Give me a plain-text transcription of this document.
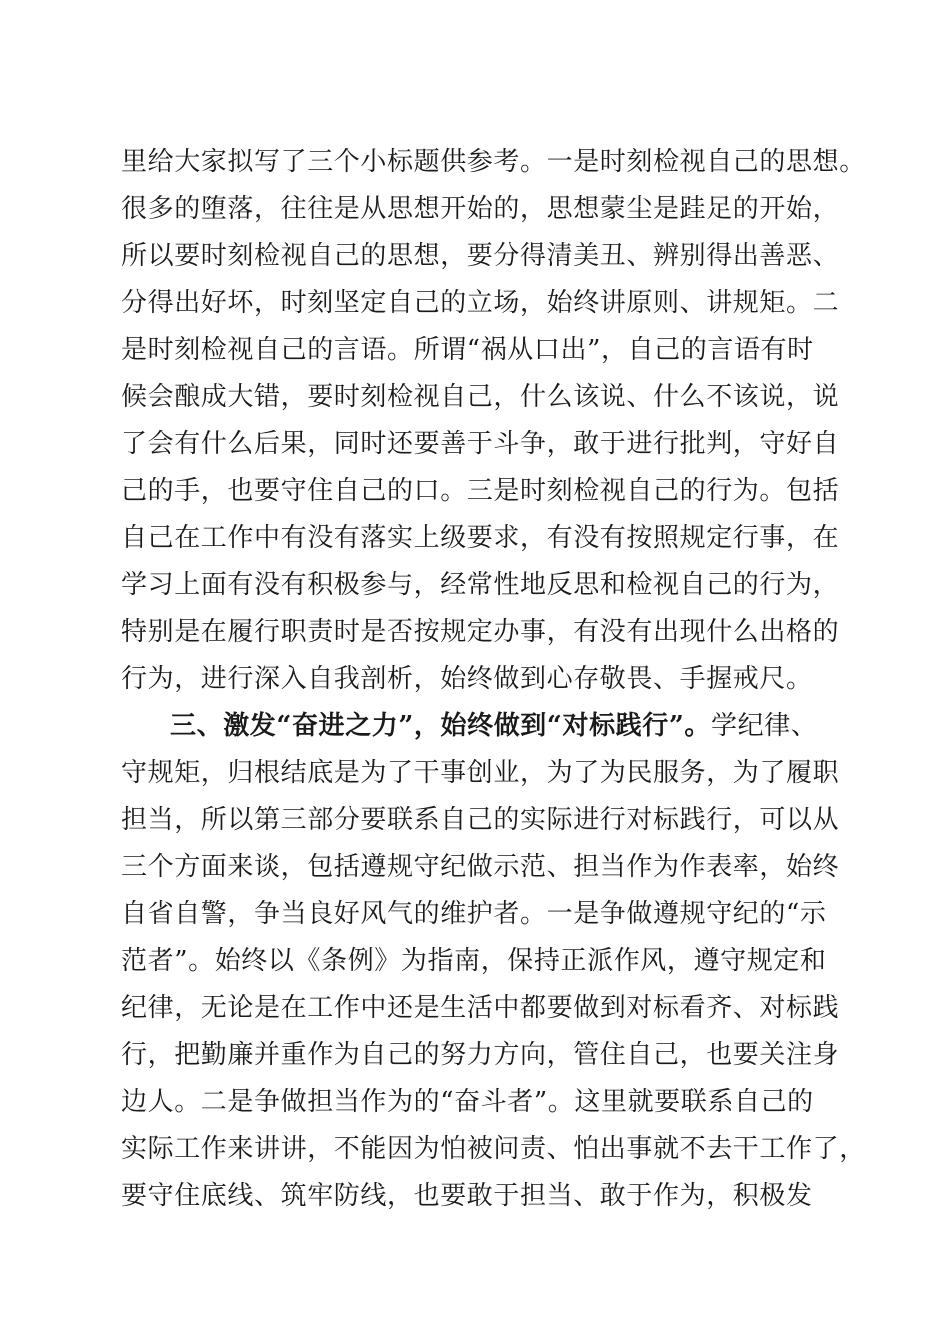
里给大家拟写了三个小标题供参考。一是时刻检视自己的思想。
很多的堕落，往往是从思想开始的，思想蒙尘是跬足的开始，
所以要时刻检视自己的思想，要分得清美丑、辨别得出善恶、
分得出好坏，时刻坚定自己的立场，始终讲原则、讲规矩。二
是时刻检视自己的言语。所谓“祸从口出”，自己的言语有时
候会酿成大错，要时刻检视自己，什么该说、什么不该说，说
了会有什么后果，同时还要善于斗争，敢于进行批判，守好自
己的手，也要守住自己的口。三是时刻检视自己的行为。包括
自己在工作中有没有落实上级要求，有没有按照规定行事，在
学习上面有没有积极参与，经常性地反思和检视自己的行为，
特别是在履行职责时是否按规定办事，有没有出现什么出格的
行为，进行深入自我剖析，始终做到心存敬畏、手握戒尺。
三、激发“奋进之力”，始终做到“对标践行”。学纪律、
守规矩，归根结底是为了干事创业，为了为民服务，为了履职
担当，所以第三部分要联系自己的实际进行对标践行，可以从
三个方面来谈，包括遵规守纪做示范、担当作为作表率，始终
自省自警，争当良好风气的维护者。一是争做遵规守纪的“示
范者”。始终以《条例》为指南，保持正派作风，遵守规定和
纪律，无论是在工作中还是生活中都要做到对标看齐、对标践
行，把勤廉并重作为自己的努力方向，管住自己，也要关注身
边人。二是争做担当作为的“奋斗者”。这里就要联系自己的
实际工作来讲讲，不能因为怕被问责、怕出事就不去干工作了，
要守住底线、筑牢防线，也要敢于担当、敢于作为，积极发
